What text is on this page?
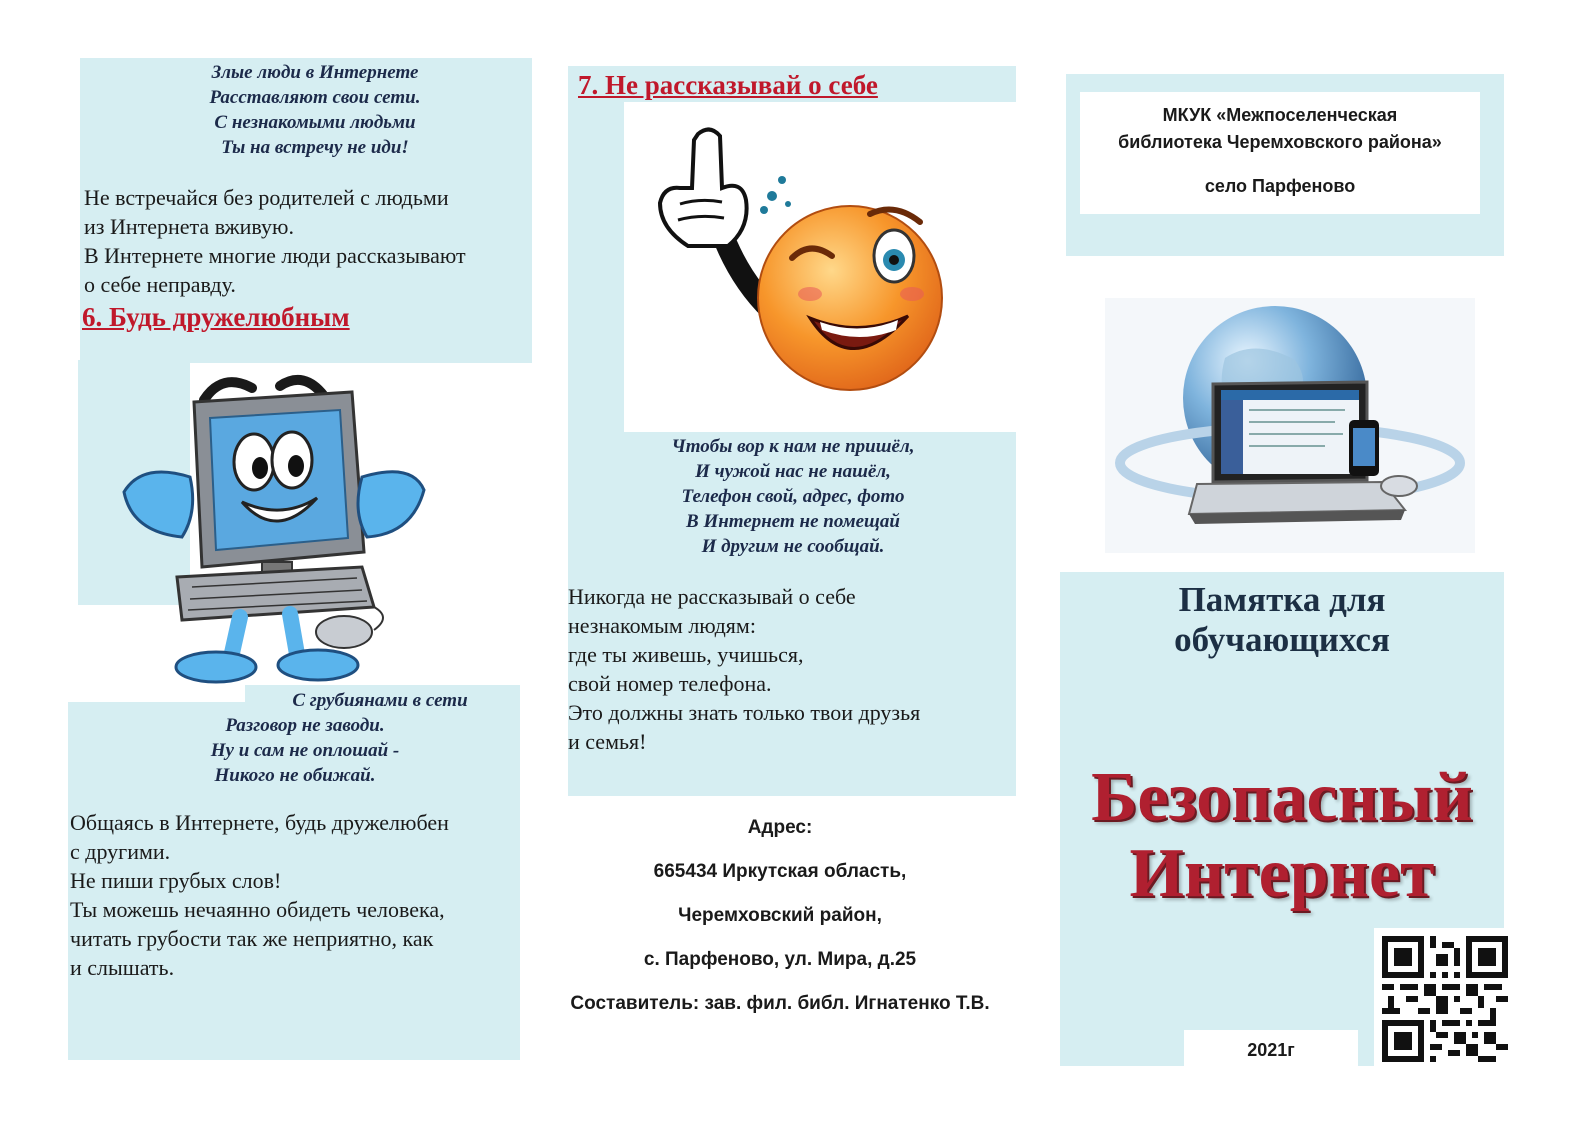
Злые люди в Интернете
Расставляют свои сети.
С незнакомыми людьми
Ты на встречу не иди!
Не встречайся без родителей с людьми
из Интернета вживую.
В Интернете многие люди рассказывают
о себе неправду.
6. Будь дружелюбным
С грубиянами в сети
Разговор не заводи.
Ну и сам не оплошай -
Никого не обижай.
Общаясь в Интернете, будь дружелюбен
с другими.
Не пиши грубых слов!
Ты можешь нечаянно обидеть человека,
читать грубости так же неприятно, как
и слышать.
7. Не рассказывай о себе
Чтобы вор к нам не пришёл,
И чужой нас не нашёл,
Телефон свой, адрес, фото
В Интернет не помещай
И другим не сообщай.
Никогда не рассказывай о себе
незнакомым людям:
где ты живешь, учишься,
свой номер телефона.
Это должны знать только твои друзья
и семья!
Адрес:
665434 Иркутская область,
Черемховский район,
с. Парфеново, ул. Мира, д.25
Составитель: зав. фил. библ. Игнатенко Т.В.
МКУК «Межпоселенческая
библиотека Черемховского района»
село Парфеново
Памятка для
обучающихся
Безопасный
Интернет
2021г
